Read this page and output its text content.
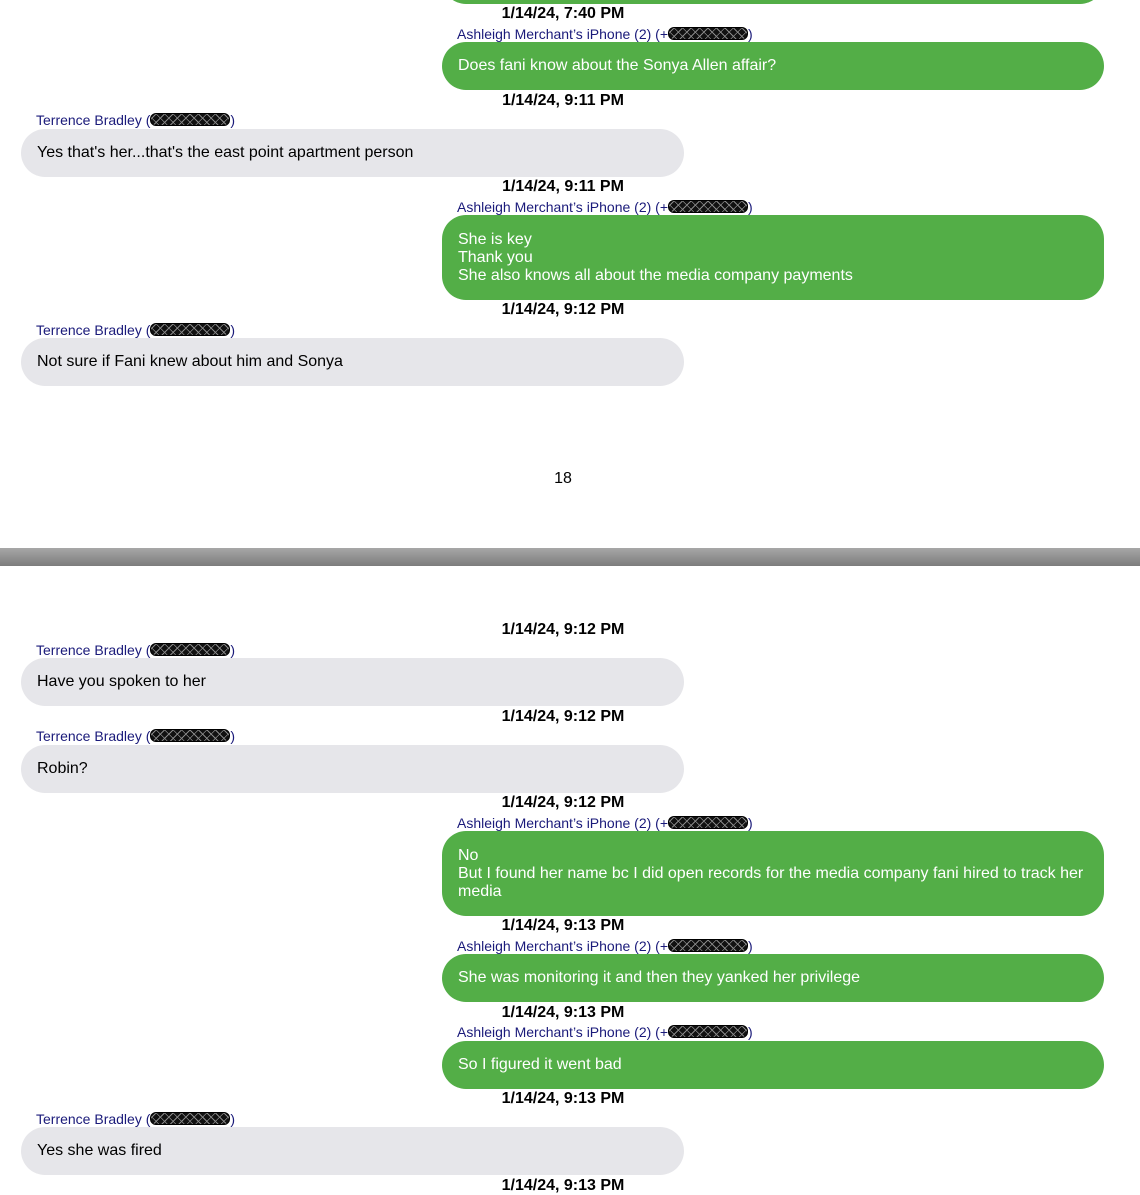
1/14/24, 7:40 PM
Ashleigh Merchant’s iPhone (2) (+	)
Does fani know about the Sonya Allen affair?
1/14/24, 9:11 PM
Terrence Bradley (	)
Yes that's her...that's the east point apartment person
1/14/24, 9:11 PM
Ashleigh Merchant’s iPhone (2) (+	)
She is key
Thank you
She also knows all about the media company payments
1/14/24, 9:12 PM
Terrence Bradley (	)
Not sure if Fani knew about him and Sonya
18
1/14/24, 9:12 PM
Terrence Bradley (	)
Have you spoken to her
1/14/24, 9:12 PM
Terrence Bradley (	)
Robin?
1/14/24, 9:12 PM
Ashleigh Merchant’s iPhone (2) (+	)
No
But I found her name bc I did open records for the media company fani hired to track her
media
1/14/24, 9:13 PM
Ashleigh Merchant’s iPhone (2) (+	)
She was monitoring it and then they yanked her privilege
1/14/24, 9:13 PM
Ashleigh Merchant’s iPhone (2) (+	)
So I figured it went bad
1/14/24, 9:13 PM
Terrence Bradley (	)
Yes she was fired
1/14/24, 9:13 PM
